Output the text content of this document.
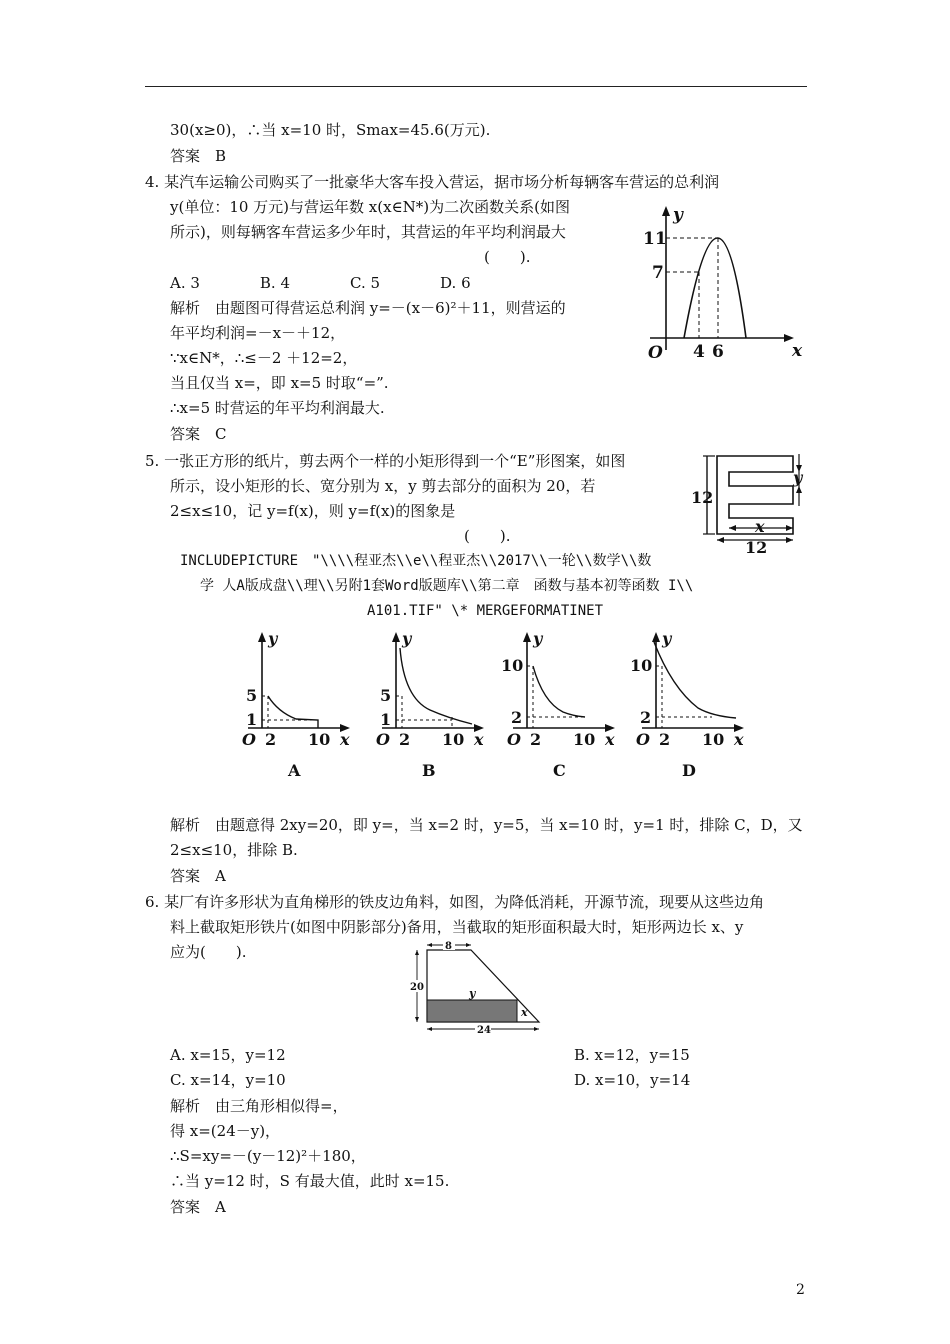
30(x≥0)，∴当 x=10 时，Smax=45.6(万元).
答案　B
4. 某汽车运输公司购买了一批豪华大客车投入营运，据市场分析每辆客车营运的总利润
y(单位：10 万元)与营运年数 x(x∈N*)为二次函数关系(如图
所示)，则每辆客车营运多少年时，其营运的年平均利润最大
(　　).
A. 3　　　　B. 4　　　　C. 5　　　　D. 6
解析　由题图可得营运总利润 y=－(x－6)²＋11，则营运的
年平均利润=－x－＋12，
∵x∈N*，∴≤－2 ＋12=2，
当且仅当 x=，即 x=5 时取“=”.
∴x=5 时营运的年平均利润最大.
答案　C
5. 一张正方形的纸片，剪去两个一样的小矩形得到一个“E”形图案，如图
所示，设小矩形的长、宽分别为 x，y 剪去部分的面积为 20，若
2≤x≤10，记 y=f(x)，则 y=f(x)的图象是
(　　).
INCLUDEPICTURE　"\\\\程亚杰\\e\\程亚杰\\2017\\一轮\\数学\\数
学 人A版成盘\\理\\另附1套Word版题库\\第二章　函数与基本初等函数 I\\
A101.TIF" \* MERGEFORMATINET
解析　由题意得 2xy=20，即 y=，当 x=2 时，y=5，当 x=10 时，y=1 时，排除 C，D，又
2≤x≤10，排除 B.
答案　A
6. 某厂有许多形状为直角梯形的铁皮边角料，如图，为降低消耗，开源节流，现要从这些边角
料上截取矩形铁片(如图中阴影部分)备用，当截取的矩形面积最大时，矩形两边长 x、y
应为(　　).
A. x=15，y=12	B. x=12，y=15
C. x=14，y=10	D. x=10，y=14
解析　由三角形相似得=，
得 x=(24－y)，
∴S=xy=－(y－12)²＋180，
∴当 y=12 时，S 有最大值，此时 x=15.
答案　A
2
y
x
O
11
7
4 6
12
y
x
12
y
x
O 2 10
5
1
A
y
x
O 2 10
5
1
B
y
x
O 2 10
10
2
C
y
x
O 2 10
10
2
D
8
20
24
y
x
